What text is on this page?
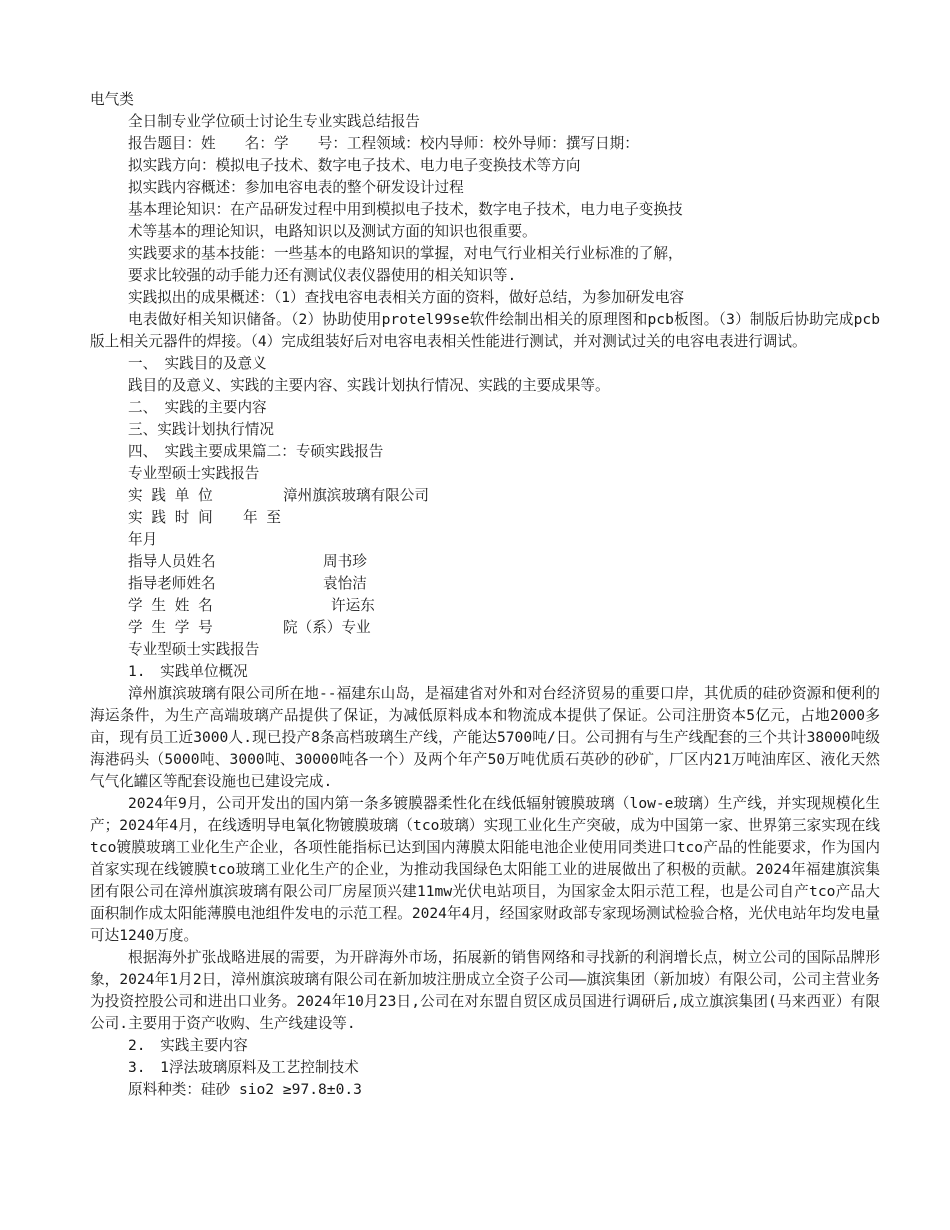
电气类
全日制专业学位硕士讨论生专业实践总结报告
报告题目：姓　　名：学　　号：工程领域：校内导师：校外导师：撰写日期：
拟实践方向：模拟电子技术、数字电子技术、电力电子变换技术等方向
拟实践内容概述：参加电容电表的整个研发设计过程
基本理论知识：在产品研发过程中用到模拟电子技术，数字电子技术，电力电子变换技
术等基本的理论知识，电路知识以及测试方面的知识也很重要。
实践要求的基本技能：一些基本的电路知识的掌握，对电气行业相关行业标准的了解，
要求比较强的动手能力还有测试仪表仪器使用的相关知识等.
实践拟出的成果概述：（1）查找电容电表相关方面的资料，做好总结，为参加研发电容
电表做好相关知识储备。（2）协助使用protel99se软件绘制出相关的原理图和pcb板图。（3）制版后协助完成pcb版上相关元器件的焊接。（4）完成组装好后对电容电表相关性能进行测试，并对测试过关的电容电表进行调试。
一、　实践目的及意义
践目的及意义、实践的主要内容、实践计划执行情况、实践的主要成果等。
二、　实践的主要内容
三、实践计划执行情况
四、　实践主要成果篇二：专硕实践报告
专业型硕士实践报告
实 践 单 位	漳州旗滨玻璃有限公司
实 践 时 间	年 至
年月
指导人员姓名	周书珍
指导老师姓名	袁怡洁
学 生 姓 名	许运东
学 生 学 号	院（系）专业
专业型硕士实践报告
1.　实践单位概况
漳州旗滨玻璃有限公司所在地--福建东山岛，是福建省对外和对台经济贸易的重要口岸，其优质的硅砂资源和便利的海运条件，为生产高端玻璃产品提供了保证，为减低原料成本和物流成本提供了保证。公司注册资本5亿元，占地2000多亩，现有员工近3000人.现已投产8条高档玻璃生产线，产能达5700吨/日。公司拥有与生产线配套的三个共计38000吨级海港码头（5000吨、3000吨、30000吨各一个）及两个年产50万吨优质石英砂的砂矿，厂区内21万吨油库区、液化天然气气化罐区等配套设施也已建设完成.
2024年9月，公司开发出的国内第一条多镀膜器柔性化在线低辐射镀膜玻璃（low-e玻璃）生产线，并实现规模化生产；2024年4月，在线透明导电氧化物镀膜玻璃（tco玻璃）实现工业化生产突破，成为中国第一家、世界第三家实现在线tco镀膜玻璃工业化生产企业，各项性能指标已达到国内薄膜太阳能电池企业使用同类进口tco产品的性能要求，作为国内首家实现在线镀膜tco玻璃工业化生产的企业，为推动我国绿色太阳能工业的进展做出了积极的贡献。2024年福建旗滨集团有限公司在漳州旗滨玻璃有限公司厂房屋顶兴建11mw光伏电站项目，为国家金太阳示范工程，也是公司自产tco产品大面积制作成太阳能薄膜电池组件发电的示范工程。2024年4月，经国家财政部专家现场测试检验合格，光伏电站年均发电量可达1240万度。
根据海外扩张战略进展的需要，为开辟海外市场，拓展新的销售网络和寻找新的利润增长点，树立公司的国际品牌形象，2024年1月2日，漳州旗滨玻璃有限公司在新加坡注册成立全资子公司——旗滨集团（新加坡）有限公司，公司主营业务为投资控股公司和进出口业务。2024年10月23日,公司在对东盟自贸区成员国进行调研后,成立旗滨集团(马来西亚）有限公司.主要用于资产收购、生产线建设等.
2.　实践主要内容
3.　1浮法玻璃原料及工艺控制技术
原料种类：硅砂 sio2 ≥97.8±0.3
